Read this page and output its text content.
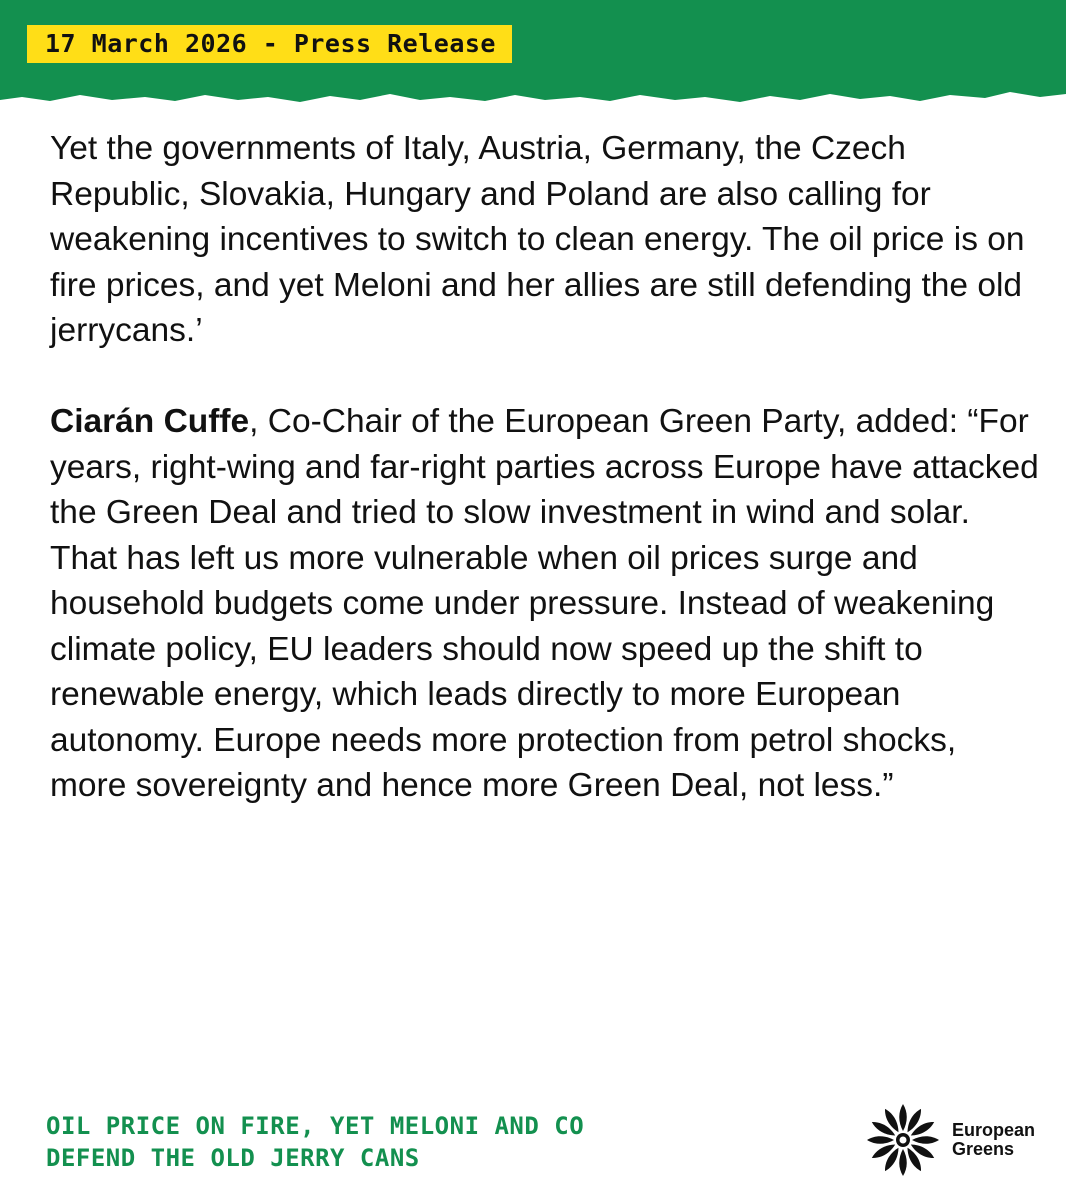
17 March 2026 - Press Release

Yet the governments of Italy, Austria, Germany, the Czech Republic, Slovakia, Hungary and Poland are also calling for weakening incentives to switch to clean energy. The oil price is on fire prices, and yet Meloni and her allies are still defending the old jerrycans.’

Ciarán Cuffe, Co-Chair of the European Green Party, added: “For years, right-wing and far-right parties across Europe have attacked the Green Deal and tried to slow investment in wind and solar. That has left us more vulnerable when oil prices surge and household budgets come under pressure. Instead of weakening climate policy, EU leaders should now speed up the shift to renewable energy, which leads directly to more European autonomy. Europe needs more protection from petrol shocks, more sovereignty and hence more Green Deal, not less.”

OIL PRICE ON FIRE, YET MELONI AND CO
DEFEND THE OLD JERRY CANS
European
Greens
